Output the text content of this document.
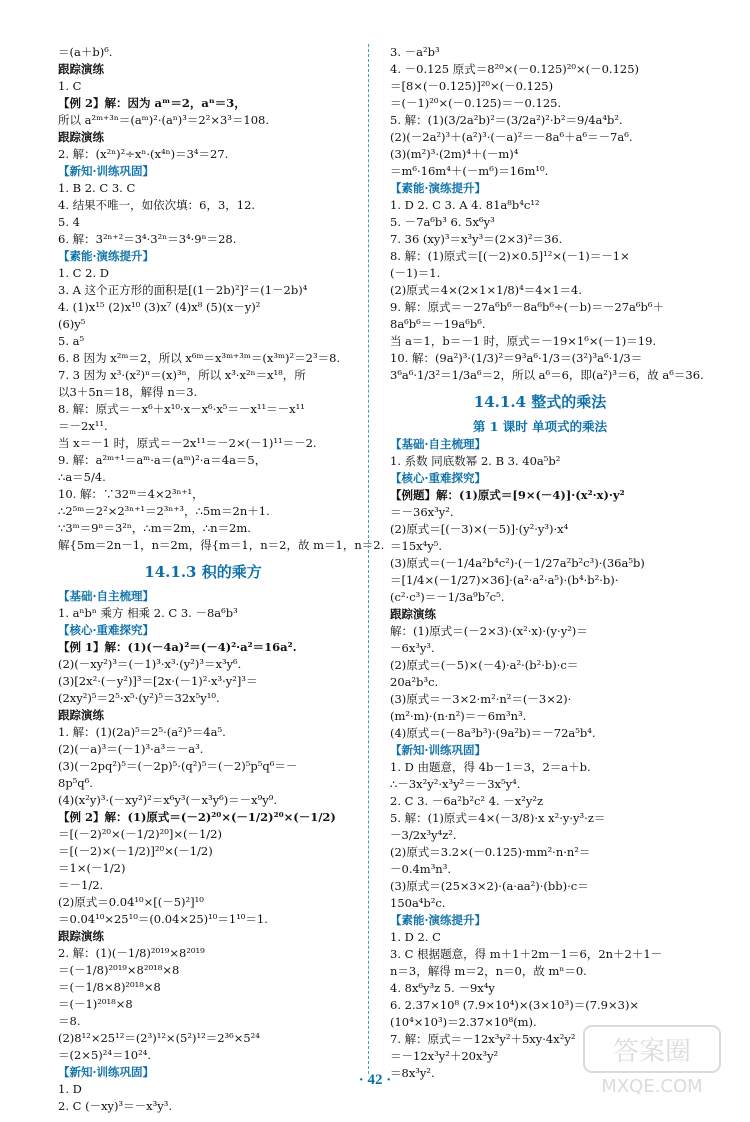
＝(a＋b)⁶.
跟踪演练
1. C
【例 2】解：因为 aᵐ＝2，aⁿ＝3，
所以 a²ᵐ⁺³ⁿ＝(aᵐ)²·(aⁿ)³＝2²×3³＝108.
跟踪演练
2. 解：(x²ⁿ)²÷xⁿ·(x⁴ⁿ)＝3⁴＝27.
【 新知·训练巩固 】
1. B 2. C 3. C
4. 结果不唯一，如依次填：6，3，12.
5. 4
6. 解：3²ⁿ⁺²＝3⁴·3²ⁿ＝3⁴·9ⁿ＝28.
【 素能·演练提升 】
1. C 2. D
3. A 这个正方形的面积是[(1－2b)²]²＝(1－2b)⁴
4. (1)x¹⁵ (2)x¹⁰ (3)x⁷ (4)x⁸ (5)(x－y)²
(6)y⁵
5. a⁵
6. 8 因为 x²ᵐ＝2，所以 x⁶ᵐ＝x³ᵐ⁺³ᵐ＝(x³ᵐ)²＝2³＝8.
7. 3 因为 x³·(x²)ⁿ＝(x)³ⁿ，所以 x³·x²ⁿ＝x¹⁸，所
以3＋5n＝18，解得 n＝3.
8. 解：原式＝－x⁶＋x¹⁰·x－x⁶·x⁵＝－x¹¹＝－x¹¹
＝－2x¹¹.
当 x＝－1 时，原式＝－2x¹¹＝－2×(－1)¹¹＝－2.
9. 解：a²ᵐ⁺¹＝aᵐ·a＝(aᵐ)²·a＝4a＝5，
∴a＝5/4.
10. 解：∵32ᵐ＝4×2³ⁿ⁺¹，
∴2⁵ᵐ＝2²×2³ⁿ⁺¹＝2³ⁿ⁺³，∴5m＝2n＋1.
∵3ᵐ＝9ⁿ＝3²ⁿ，∴m＝2m，∴n＝2m.
解{5m＝2n－1，n＝2m，得{m＝1，n＝2，故 m＝1，n＝2.
14.1.3 积的乘方
【 基础·自主梳理 】
1. aⁿbⁿ 乘方 相乘 2. C 3. －8a⁶b³
【 核心·重难探究 】
【例 1】解：(1)(－4a)²＝(－4)²·a²＝16a².
(2)(－xy²)³＝(－1)³·x³·(y²)³＝x³y⁶.
(3)[2x²·(－y²)]³＝[2x·(－1)²·x³·y²]³＝
(2xy²)⁵＝2⁵·x⁵·(y²)⁵＝32x⁵y¹⁰.
跟踪演练
1. 解：(1)(2a)⁵＝2⁵·(a²)⁵＝4a⁵.
(2)(－a)³＝(－1)³·a³＝－a³.
(3)(－2pq²)⁵＝(－2p)⁵·(q²)⁵＝(－2)⁵p⁵q⁶＝－
8p⁵q⁶.
(4)(x²y)³·(－xy²)²＝x⁶y³(－x³y⁶)＝－x⁹y⁹.
【例 2】解：(1)原式＝(－2)²⁰×(－1/2)²⁰×(－1/2)
＝[(－2)²⁰×(－1/2)²⁰]×(－1/2)
＝[(－2)×(－1/2)]²⁰×(－1/2)
＝1×(－1/2)
＝－1/2.
(2)原式＝0.04¹⁰×[(－5)²]¹⁰
＝0.04¹⁰×25¹⁰＝(0.04×25)¹⁰＝1¹⁰＝1.
跟踪演练
2. 解：(1)(－1/8)²⁰¹⁹×8²⁰¹⁹
＝(－1/8)²⁰¹⁹×8²⁰¹⁸×8
＝(－1/8×8)²⁰¹⁸×8
＝(－1)²⁰¹⁸×8
＝8.
(2)8¹²×25¹²＝(2³)¹²×(5²)¹²＝2³⁶×5²⁴
＝(2×5)²⁴＝10²⁴.
【 新知·训练巩固 】
1. D
2. C (－xy)³＝－x³y³.
3. －a²b³
4. －0.125 原式＝8²⁰×(－0.125)²⁰×(－0.125)
＝[8×(－0.125)]²⁰×(－0.125)
＝(－1)²⁰×(－0.125)＝－0.125.
5. 解：(1)(3/2a²b)²＝(3/2a²)²·b²＝9/4a⁴b².
(2)(－2a²)³＋(a²)³·(－a)²＝－8a⁶＋a⁶＝－7a⁶.
(3)(m²)³·(2m)⁴＋(－m)⁴
＝m⁶·16m⁴＋(－m⁶)＝16m¹⁰.
【 素能·演练提升 】
1. D 2. C 3. A 4. 81a⁸b⁴c¹²
5. －7a⁶b³ 6. 5x⁶y³
7. 36 (xy)³＝x³y³＝(2×3)²＝36.
8. 解：(1)原式＝[(－2)×0.5]¹²×(－1)＝－1×
(－1)＝1.
(2)原式＝4×(2×1×1/8)⁴＝4×1＝4.
9. 解：原式＝－27a⁶b⁶－8a⁶b⁶÷(－b)＝－27a⁶b⁶＋
8a⁶b⁶＝－19a⁶b⁶.
当 a＝1，b＝－1 时，原式＝－19×1⁶×(－1)＝19.
10. 解：(9a²)³·(1/3)²＝9³a⁶·1/3＝(3²)³a⁶·1/3＝
3⁶a⁶·1/3²＝1/3a⁶＝2，所以 a⁶＝6，即(a²)³＝6，故 a⁶＝36.
14.1.4 整式的乘法
第 1 课时 单项式的乘法
【 基础·自主梳理 】
1. 系数 同底数幂 2. B 3. 40a⁵b²
【 核心·重难探究 】
【例题】解：(1)原式＝[9×(－4)]·(x²·x)·y²
＝－36x³y².
(2)原式＝[(－3)×(－5)]·(y²·y³)·x⁴
＝15x⁴y⁵.
(3)原式＝(－1/4a²b⁴c²)·(－1/27a²b²c³)·(36a⁵b)
＝[1/4×(－1/27)×36]·(a²·a²·a⁵)·(b⁴·b²·b)·
(c²·c³)＝－1/3a⁹b⁷c⁵.
跟踪演练
解：(1)原式＝(－2×3)·(x²·x)·(y·y²)＝
－6x³y³.
(2)原式＝(－5)×(－4)·a²·(b²·b)·c＝
20a²b³c.
(3)原式＝－3×2·m²·n²＝(－3×2)·
(m²·m)·(n·n²)＝－6m³n³.
(4)原式＝(－8a³b³)·(9a²b)＝－72a⁵b⁴.
【 新知·训练巩固 】
1. D 由题意，得 4b－1＝3，2＝a＋b.
∴－3x²y²·x³y²＝－3x⁵y⁴.
2. C 3. －6a²b²c² 4. －x²y²z
5. 解：(1)原式＝4×(－3/8)·x x²·y·y³·z＝
－3/2x³y⁴z².
(2)原式＝3.2×(－0.125)·mm²·n·n²＝
－0.4m³n³.
(3)原式＝(25×3×2)·(a·aa²)·(bb)·c＝
150a⁴b²c.
【 素能·演练提升 】
1. D 2. C
3. C 根据题意，得 m＋1＋2m－1＝6，2n＋2＋1－
n＝3，解得 m＝2，n＝0，故 mⁿ＝0.
4. 8x⁶y³z 5. －9x⁴y
6. 2.37×10⁸ (7.9×10⁴)×(3×10³)＝(7.9×3)×
(10⁴×10³)＝2.37×10⁸(m).
7. 解：原式＝－12x³y²＋5xy·4x²y²
＝－12x³y²＋20x³y²
＝8x³y².
· 42 ·
答案圈
MXQE.COM
